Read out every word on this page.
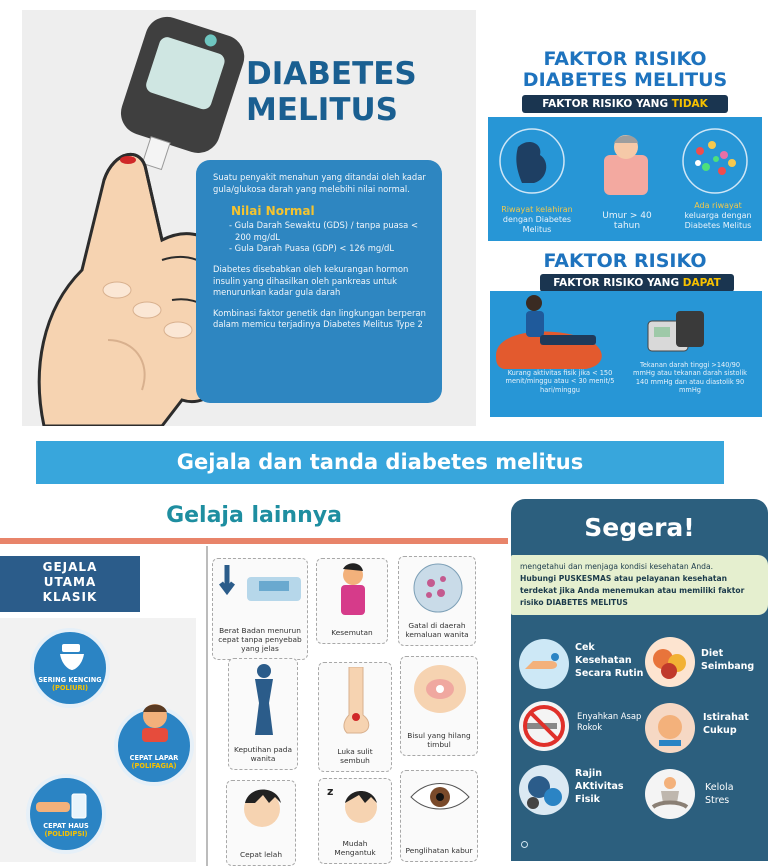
DIABETES
MELITUS

Suatu penyakit menahun yang ditandai oleh kadar gula/glukosa darah yang melebihi nilai normal.

Nilai Normal
- Gula Darah Sewaktu (GDS) / tanpa puasa < 200 mg/dL

- Gula Darah Puasa (GDP) < 126 mg/dL

Diabetes disebabkan oleh kekurangan hormon insulin yang dihasilkan oleh pankreas untuk menurunkan kadar gula darah

Kombinasi faktor genetik dan lingkungan berperan dalam memicu terjadinya Diabetes Melitus Type 2

FAKTOR RISIKO
DIABETES MELITUS
FAKTOR RISIKO YANG TIDAK
Riwayat kelahiran
dengan Diabetes Melitus
Umur > 40 tahun
Ada riwayat
keluarga dengan Diabetes Melitus
FAKTOR RISIKO
FAKTOR RISIKO YANG DAPAT
Kurang aktivitas fisik jika < 150 menit/minggu atau < 30 menit/5 hari/minggu
Tekanan darah tinggi >140/90 mmHg atau tekanan darah sistolik 140 mmHg dan atau diastolik 90 mmHg
Gejala dan tanda diabetes melitus
Gelaja lainnya
GEJALA
UTAMA
KLASIK
SERING KENCING
(POLIURI)
CEPAT LAPAR
(POLIFAGIA)
CEPAT HAUS
(POLIDIPSI)
Berat Badan menurun cepat tanpa penyebab yang jelas
Kesemutan
Gatal di daerah kemaluan wanita
Keputihan pada wanita
Luka sulit sembuh
Bisul yang hilang timbul
Cepat lelah
z
Mudah Mengantuk	Penglihatan kabur
Segera!
mengetahui dan menjaga kondisi kesehatan Anda.
Hubungi PUSKESMAS atau pelayanan kesehatan terdekat jika Anda menemukan atau memiliki faktor risiko DIABETES MELITUS
Cek Kesehatan Secara Rutin
Diet Seimbang
Enyahkan Asap Rokok
Istirahat Cukup
Rajin AKtivitas Fisik
Kelola Stres
